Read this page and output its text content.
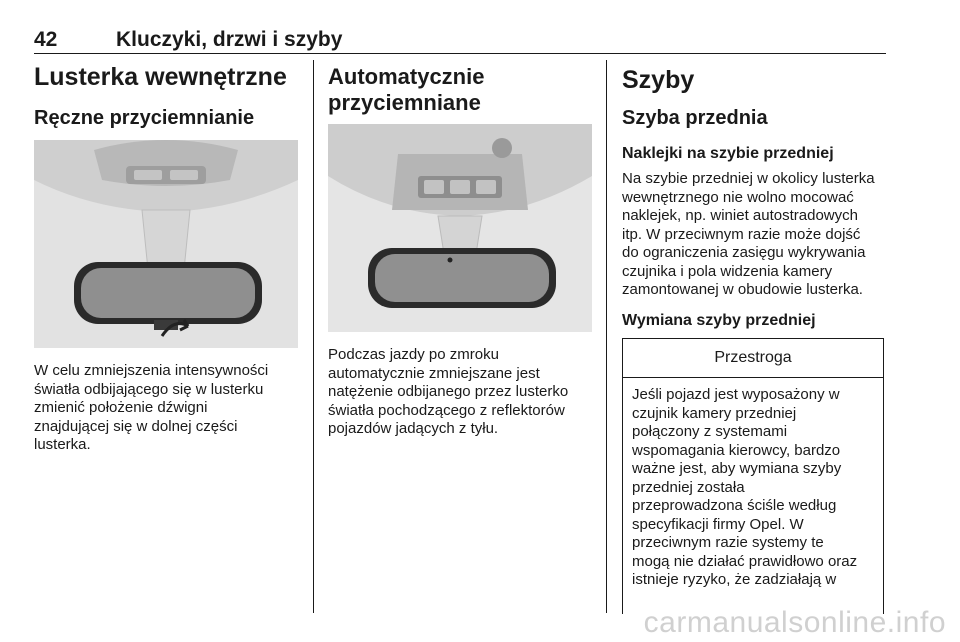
42	Kluczyki, drzwi i szyby
Lusterka wewnętrzne
Ręczne przyciemnianie
W celu zmniejszenia intensywności
światła odbijającego się w lusterku
zmienić położenie dźwigni
znajdującej się w dolnej części
lusterka.
Automatycznie
przyciemniane
Podczas jazdy po zmroku
automatycznie zmniejszane jest
natężenie odbijanego przez lusterko
światła pochodzącego z reflektorów
pojazdów jadących z tyłu.
Szyby
Szyba przednia
Naklejki na szybie przedniej
Na szybie przedniej w okolicy lusterka
wewnętrznego nie wolno mocować
naklejek, np. winiet autostradowych
itp. W przeciwnym razie może dojść
do ograniczenia zasięgu wykrywania
czujnika i pola widzenia kamery
zamontowanej w obudowie lusterka.
Wymiana szyby przedniej
Przestroga
Jeśli pojazd jest wyposażony w
czujnik kamery przedniej
połączony z systemami
wspomagania kierowcy, bardzo
ważne jest, aby wymiana szyby
przedniej została
przeprowadzona ściśle według
specyfikacji firmy Opel. W
przeciwnym razie systemy te
mogą nie działać prawidłowo oraz
istnieje ryzyko, że zadziałają w
carmanualsonline.info
